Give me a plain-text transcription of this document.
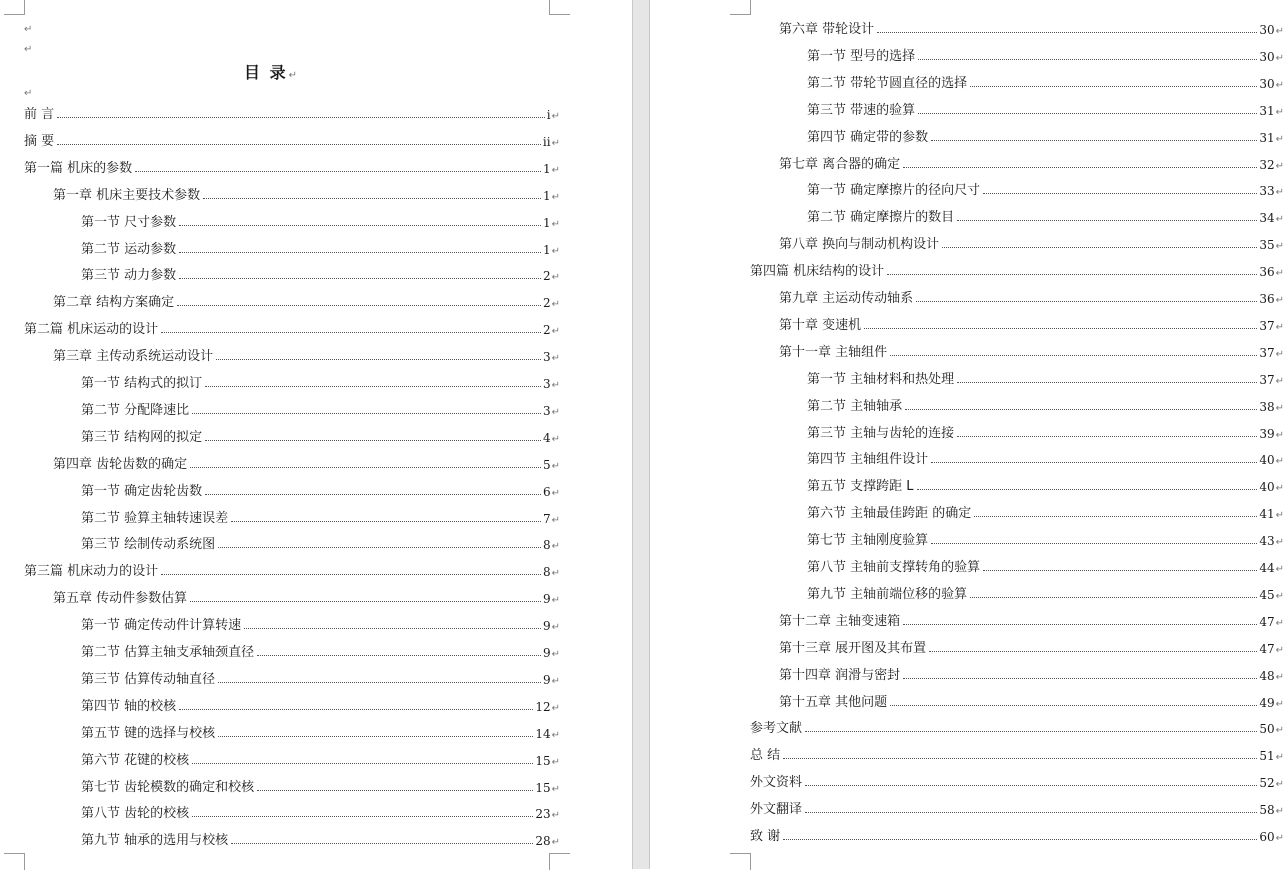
↵
↵
↵
目 录↵
前 言	i ↵
摘 要	ii ↵
第一篇 机床的参数	1 ↵
第一章 机床主要技术参数	1 ↵
第一节 尺寸参数	1 ↵
第二节 运动参数	1 ↵
第三节 动力参数	2 ↵
第二章 结构方案确定	2 ↵
第二篇 机床运动的设计	2 ↵
第三章 主传动系统运动设计	3 ↵
第一节 结构式的拟订	3 ↵
第二节 分配降速比	3 ↵
第三节 结构网的拟定	4 ↵
第四章 齿轮齿数的确定	5 ↵
第一节 确定齿轮齿数	6 ↵
第二节 验算主轴转速误差	7 ↵
第三节 绘制传动系统图	8 ↵
第三篇 机床动力的设计	8 ↵
第五章 传动件参数估算	9 ↵
第一节 确定传动件计算转速	9 ↵
第二节 估算主轴支承轴颈直径	9 ↵
第三节 估算传动轴直径	9 ↵
第四节 轴的校核	12 ↵
第五节 键的选择与校核	14 ↵
第六节 花键的校核	15 ↵
第七节 齿轮模数的确定和校核	15 ↵
第八节 齿轮的校核	23 ↵
第九节 轴承的选用与校核	28 ↵
第六章 带轮设计	30 ↵
第一节 型号的选择	30 ↵
第二节 带轮节圆直径的选择	30 ↵
第三节 带速的验算	31 ↵
第四节 确定带的参数	31 ↵
第七章 离合器的确定	32 ↵
第一节 确定摩擦片的径向尺寸	33 ↵
第二节 确定摩擦片的数目	34 ↵
第八章 换向与制动机构设计	35 ↵
第四篇 机床结构的设计	36 ↵
第九章 主运动传动轴系	36 ↵
第十章 变速机	37 ↵
第十一章 主轴组件	37 ↵
第一节 主轴材料和热处理	37 ↵
第二节 主轴轴承	38 ↵
第三节 主轴与齿轮的连接	39 ↵
第四节 主轴组件设计	40 ↵
第五节 支撑跨距 L	40 ↵
第六节 主轴最佳跨距 的确定	41 ↵
第七节 主轴刚度验算	43 ↵
第八节 主轴前支撑转角的验算	44 ↵
第九节 主轴前端位移的验算	45 ↵
第十二章 主轴变速箱	47 ↵
第十三章 展开图及其布置	47 ↵
第十四章 润滑与密封	48 ↵
第十五章 其他问题	49 ↵
参考文献	50 ↵
总 结	51 ↵
外文资料	52 ↵
外文翻译	58 ↵
致 谢	60 ↵
